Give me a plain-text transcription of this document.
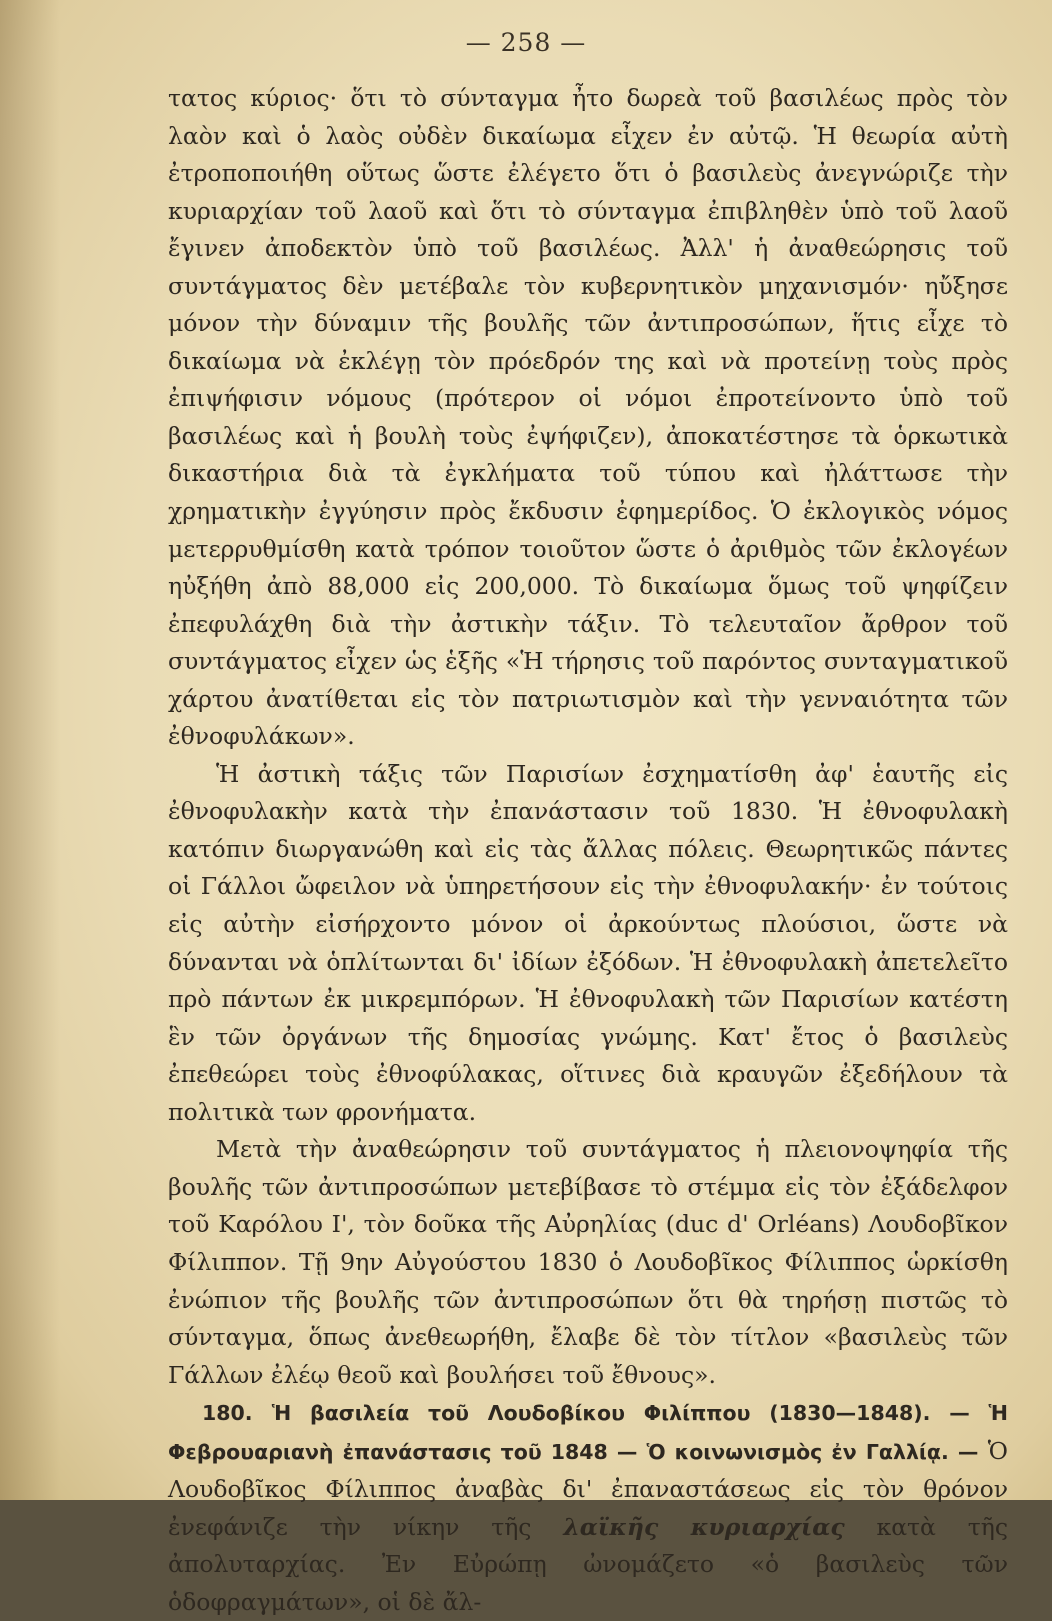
— 258 —

τατος κύριος· ὅτι τὸ σύνταγμα ἦτο δωρεὰ τοῦ βασιλέως πρὸς τὸν λαὸν καὶ ὁ λαὸς οὐδὲν δικαίωμα εἶχεν ἐν αὐτῷ. Ἡ θεωρία αὐτὴ ἐτροποποιήθη οὕτως ὥστε ἐλέγετο ὅτι ὁ βασιλεὺς ἀνεγνώριζε τὴν κυριαρχίαν τοῦ λαοῦ καὶ ὅτι τὸ σύνταγμα ἐπιβληθὲν ὑπὸ τοῦ λαοῦ ἔγινεν ἀποδεκτὸν ὑπὸ τοῦ βασιλέως. Ἀλλ' ἡ ἀναθεώρησις τοῦ συντάγματος δὲν μετέβαλε τὸν κυβερνητικὸν μηχανισμόν· ηὔξησε μόνον τὴν δύναμιν τῆς βουλῆς τῶν ἀντιπροσώπων, ἥτις εἶχε τὸ δικαίωμα νὰ ἐκλέγῃ τὸν πρόεδρόν της καὶ νὰ προτείνῃ τοὺς πρὸς ἐπιψήφισιν νόμους (πρότερον οἱ νόμοι ἐπροτείνοντο ὑπὸ τοῦ βασιλέως καὶ ἡ βουλὴ τοὺς ἐψήφιζεν), ἀποκατέστησε τὰ ὁρκωτικὰ δικαστήρια διὰ τὰ ἐγκλήματα τοῦ τύπου καὶ ἠλάττωσε τὴν χρηματικὴν ἐγγύησιν πρὸς ἔκδυσιν ἐφημερίδος. Ὁ ἐκλογικὸς νόμος μετερρυθμίσθη κατὰ τρόπον τοιοῦτον ὥστε ὁ ἀριθμὸς τῶν ἐκλογέων ηὐξήθη ἀπὸ 88,000 εἰς 200,000. Τὸ δικαίωμα ὅμως τοῦ ψηφίζειν ἐπεφυλάχθη διὰ τὴν ἀστικὴν τάξιν. Τὸ τελευταῖον ἄρθρον τοῦ συντάγματος εἶχεν ὡς ἑξῆς «Ἡ τήρησις τοῦ παρόντος συνταγματικοῦ χάρτου ἀνατίθεται εἰς τὸν πατριωτισμὸν καὶ τὴν γενναιότητα τῶν ἐθνοφυλάκων».

Ἡ ἀστικὴ τάξις τῶν Παρισίων ἐσχηματίσθη ἀφ' ἑαυτῆς εἰς ἐθνοφυλακὴν κατὰ τὴν ἐπανάστασιν τοῦ 1830. Ἡ ἐθνοφυλακὴ κατόπιν διωργανώθη καὶ εἰς τὰς ἄλλας πόλεις. Θεωρητικῶς πάντες οἱ Γάλλοι ὤφειλον νὰ ὑπηρετήσουν εἰς τὴν ἐθνοφυλακήν· ἐν τούτοις εἰς αὐτὴν εἰσήρχοντο μόνον οἱ ἀρκούντως πλούσιοι, ὥστε νὰ δύνανται νὰ ὁπλίτωνται δι' ἰδίων ἐξόδων. Ἡ ἐθνοφυλακὴ ἀπετελεῖτο πρὸ πάντων ἐκ μικρεμπόρων. Ἡ ἐθνοφυλακὴ τῶν Παρισίων κατέστη ἓν τῶν ὀργάνων τῆς δημοσίας γνώμης. Κατ' ἔτος ὁ βασιλεὺς ἐπεθεώρει τοὺς ἐθνοφύλακας, οἵτινες διὰ κραυγῶν ἐξεδήλουν τὰ πολιτικὰ των φρονήματα.

Μετὰ τὴν ἀναθεώρησιν τοῦ συντάγματος ἡ πλειονοψηφία τῆς βουλῆς τῶν ἀντιπροσώπων μετεβίβασε τὸ στέμμα εἰς τὸν ἐξάδελφον τοῦ Καρόλου Ι', τὸν δοῦκα τῆς Αὐρηλίας (duc d' Orléans) Λουδοβῖκον Φίλιππον. Τῇ 9ην Αὐγούστου 1830 ὁ Λουδοβῖκος Φίλιππος ὡρκίσθη ἐνώπιον τῆς βουλῆς τῶν ἀντιπροσώπων ὅτι θὰ τηρήσῃ πιστῶς τὸ σύνταγμα, ὅπως ἀνεθεωρήθη, ἔλαβε δὲ τὸν τίτλον «βασιλεὺς τῶν Γάλλων ἐλέῳ θεοῦ καὶ βουλήσει τοῦ ἔθνους».

180. Ἡ βασιλεία τοῦ Λουδοβίκου Φιλίππου (1830—1848). — Ἡ Φεβρουαριανὴ ἐπανάστασις τοῦ 1848 — Ὁ κοινωνισμὸς ἐν Γαλλίᾳ. — Ὁ Λουδοβῖκος Φίλιππος ἀναβὰς δι' ἐπαναστάσεως εἰς τὸν θρόνον ἐνεφάνιζε τὴν νίκην τῆς λαϊκῆς κυριαρχίας κατὰ τῆς ἀπολυταρχίας. Ἐν Εὐρώπῃ ὠνομάζετο «ὁ βασιλεὺς τῶν ὁδοφραγμάτων», οἱ δὲ ἄλ-
